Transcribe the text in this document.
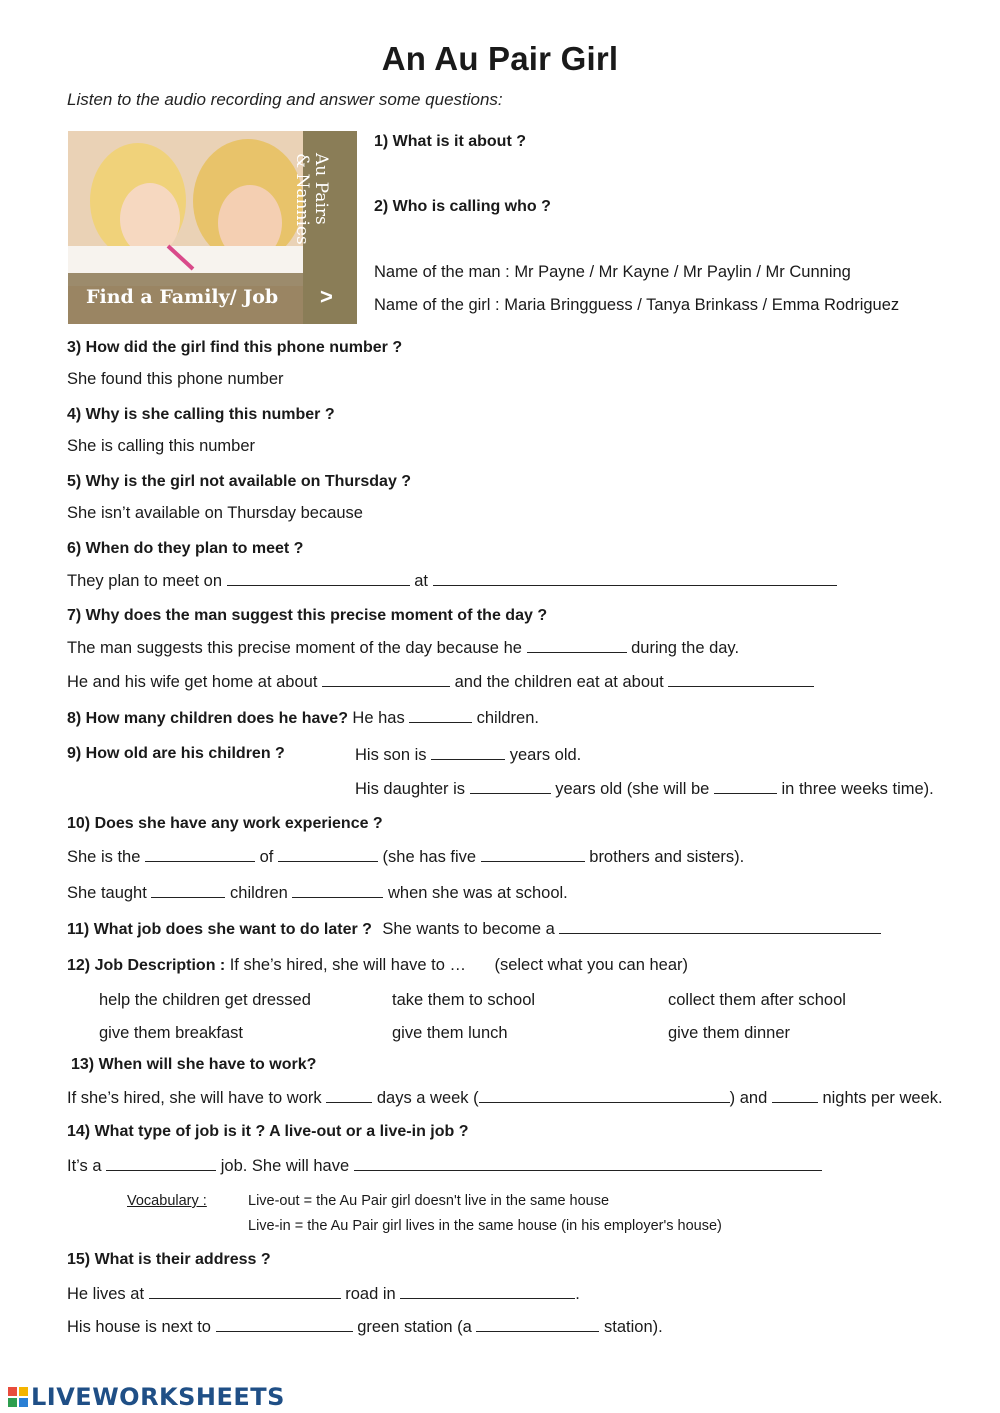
An Au Pair Girl
Listen to the audio recording and answer some questions:
Find a Family/ Job
Au Pairs
& Nannies
>
1) What is it about ?
2) Who is calling who ?
Name of the man : Mr Payne / Mr Kayne / Mr Paylin / Mr Cunning
Name of the girl : Maria Bringguess / Tanya Brinkass / Emma Rodriguez
3) How did the girl find this phone number ?
She found this phone number
4) Why is she calling this number ?
She is calling this number
5) Why is the girl not available on Thursday ?
She isn’t available on Thursday because
6) When do they plan to meet ?
They plan to meet on	at
7) Why does the man suggest this precise moment of the day ?
The man suggests this precise moment of the day because he	during the day.
He and his wife get home at about	and the children eat at about
8) How many children does he have? He has	children.
9) How old are his children ?	His son is	years old.
His daughter is	years old (she will be	in three weeks time).
10) Does she have any work experience ?
She is the	of	(she has five	brothers and sisters).
She taught	children	when she was at school.
11) What job does she want to do later ? She wants to become a
12) Job Description : If she’s hired, she will have to … (select what you can hear)
help the children get dressed	take them to school	collect them after school
give them breakfast	give them lunch	give them dinner
13) When will she have to work?
If she’s hired, she will have to work	days a week (	) and	nights per week.
14) What type of job is it ? A live-out or a live-in job ?
It’s a	job. She will have
Vocabulary :	Live-out = the Au Pair girl doesn't live in the same house
Live-in = the Au Pair girl lives in the same house (in his employer's house)
15) What is their address ?
He lives at	road in	.
His house is next to	green station (a	station).
LIVEWORKSHEETS
